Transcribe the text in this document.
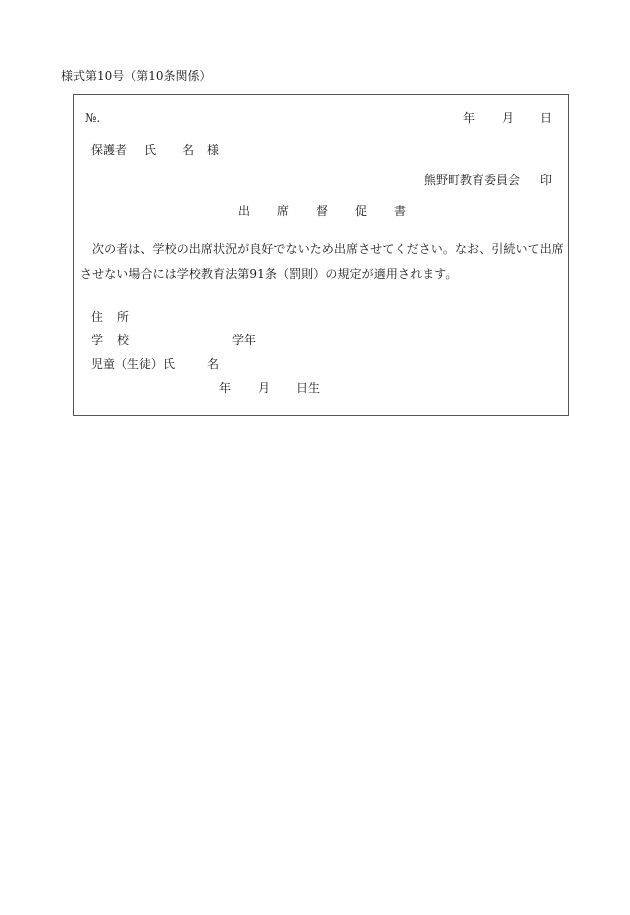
様式第10号（第10条関係）
№.	年 月 日
保護者 氏 名 様
熊野町教育委員会 印
出 席 督 促 書
次の者は、学校の出席状況が良好でないため出席させてください。なお、引続いて出席させない場合には学校教育法第91条（罰則）の規定が適用されます。
住 所
学 校	学年
児童（生徒）氏	名
年 月 日生
